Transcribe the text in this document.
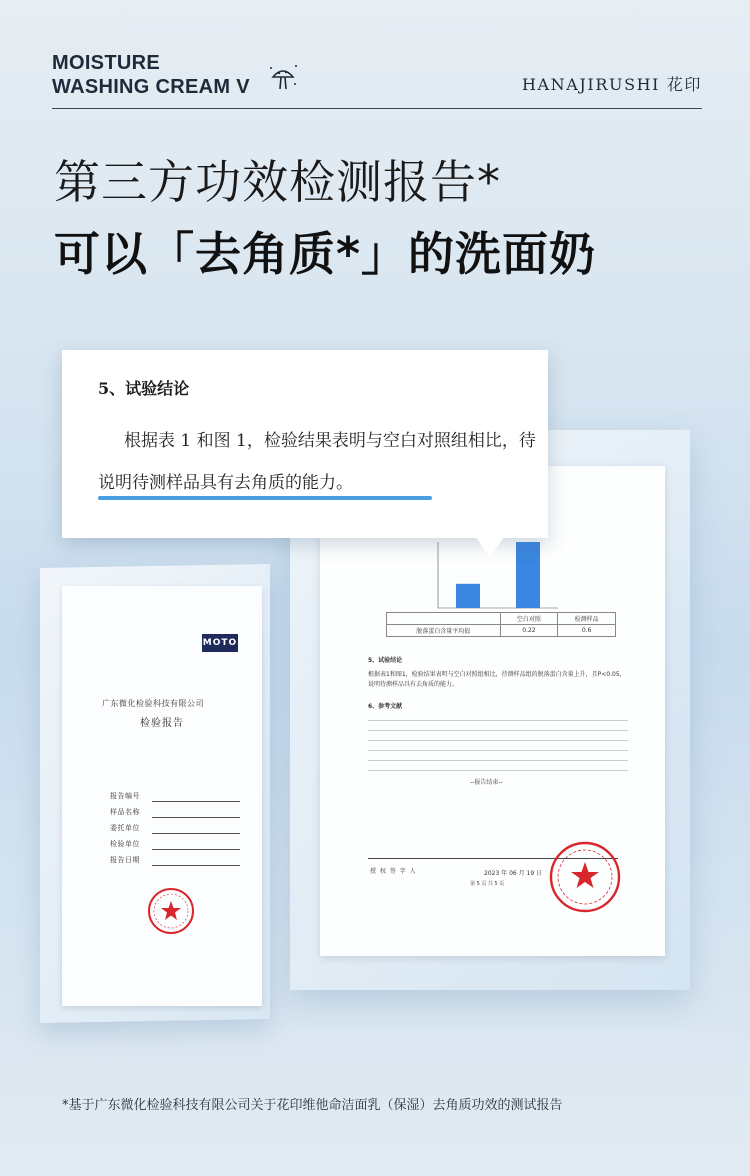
MOISTURE
WASHING CREAM V	HANAJIRUSHI 花印
第三方功效检测报告*
可以「去角质*」的洗面奶
MOTO
广东微化检验科技有限公司
检验报告
报告编号
样品名称
委托单位
检验单位
报告日期
	空白对照	检测样品
脱落蛋白含量平均值	0.22	0.6
5、试验结论
根据表1和图1，检验结果表明与空白对照组相比，待测样品组的脱落蛋白含量上升，且P<0.05，说明待测样品具有去角质的能力。
6、参考文献
--报告结束--
授 权 签 字 人	2023 年 06 月 19 日
第 5 页 共 5 页
5、试验结论
根据表 1 和图 1，检验结果表明与空白对照组相比，待
说明待测样品具有去角质的能力。
*基于广东微化检验科技有限公司关于花印维他命洁面乳（保湿）去角质功效的测试报告
